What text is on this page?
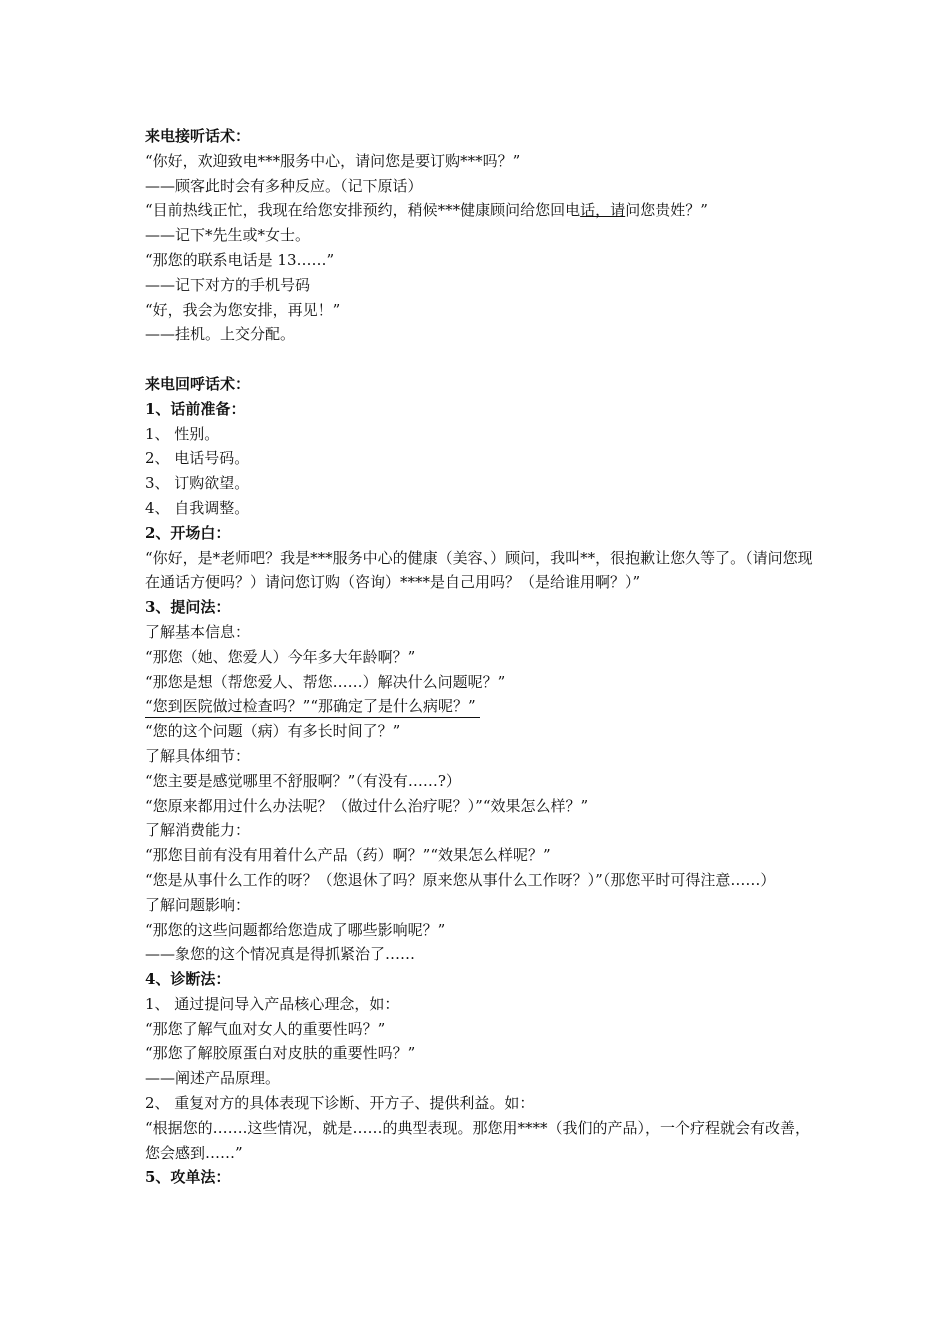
来电接听话术：
“你好，欢迎致电***服务中心，请问您是要订购***吗？”
——顾客此时会有多种反应。（记下原话）
“目前热线正忙，我现在给您安排预约，稍候***健康顾问给您回电话，请问您贵姓？”
——记下*先生或*女士。
“那您的联系电话是 13……”
——记下对方的手机号码
“好，我会为您安排，再见！”
——挂机。上交分配。
来电回呼话术：
1、话前准备：
1、 性别。
2、 电话号码。
3、 订购欲望。
4、 自我调整。
2、开场白：
“你好，是*老师吧？我是***服务中心的健康（美容、）顾问，我叫**，很抱歉让您久等了。（请问您现在通话方便吗？）请问您订购（咨询）****是自己用吗？（是给谁用啊？）”
3、提问法：
了解基本信息：
“那您（她、您爱人）今年多大年龄啊？”
“那您是想（帮您爱人、帮您……）解决什么问题呢？”
“您到医院做过检查吗？”“那确定了是什么病呢？”
“您的这个问题（病）有多长时间了？”
了解具体细节：
“您主要是感觉哪里不舒服啊？”（有没有……?）
“您原来都用过什么办法呢？（做过什么治疗呢？）”“效果怎么样？”
了解消费能力：
“那您目前有没有用着什么产品（药）啊？”“效果怎么样呢？”
“您是从事什么工作的呀？（您退休了吗？原来您从事什么工作呀？）”（那您平时可得注意……）
了解问题影响：
“那您的这些问题都给您造成了哪些影响呢？”
——象您的这个情况真是得抓紧治了……
4、诊断法：
1、 通过提问导入产品核心理念，如：
“那您了解气血对女人的重要性吗？”
“那您了解胶原蛋白对皮肤的重要性吗？”
——阐述产品原理。
2、 重复对方的具体表现下诊断、开方子、提供利益。如：
“根据您的…….这些情况，就是……的典型表现。那您用****（我们的产品），一个疗程就会有改善，您会感到……”
5、攻单法：
